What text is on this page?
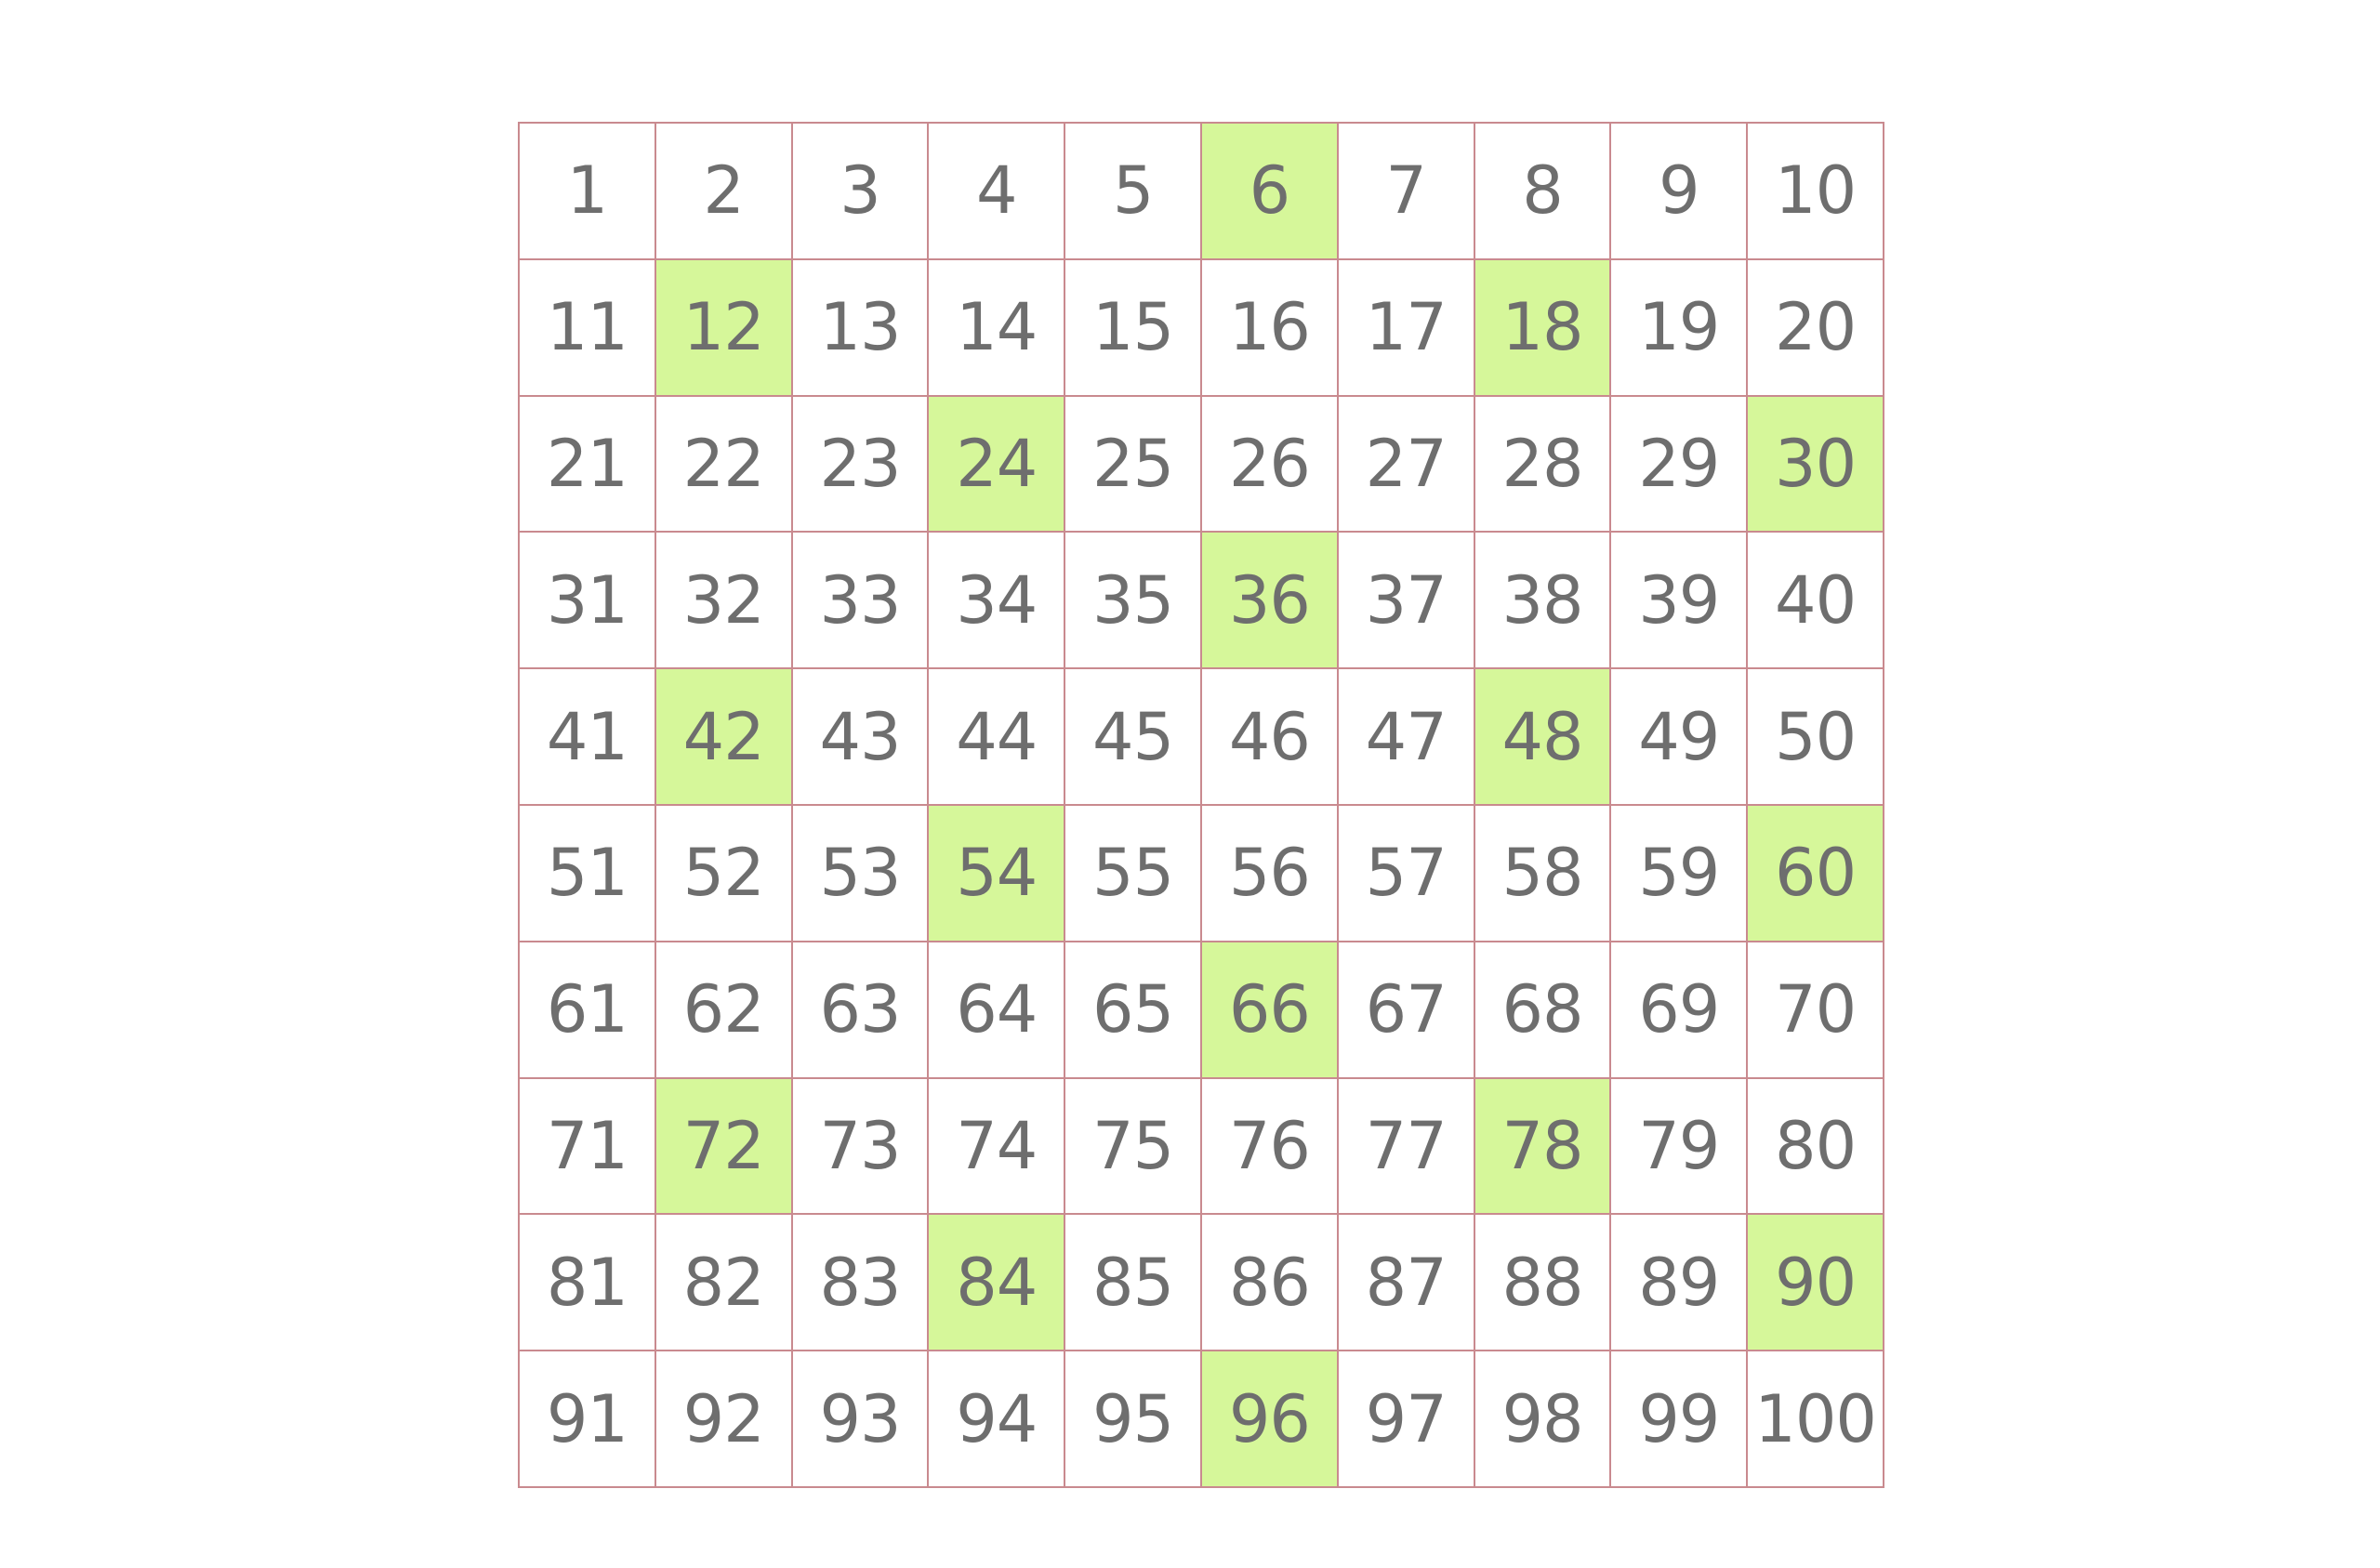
1	2	3	4	5	6	7	8	9	10
11 12 13 14 15 16 17 18 19 20
21 22 23 24 25 26 27 28 29 30
31 32 33 34 35 36 37 38 39 40
41 42 43 44 45 46 47 48 49 50
51 52 53 54 55 56 57 58 59 60
61 62 63 64 65 66 67 68 69 70
71 72 73 74 75 76 77 78 79 80
81 82 83 84 85 86 87 88 89 90
91 92 93 94 95 96 97 98 99 100
